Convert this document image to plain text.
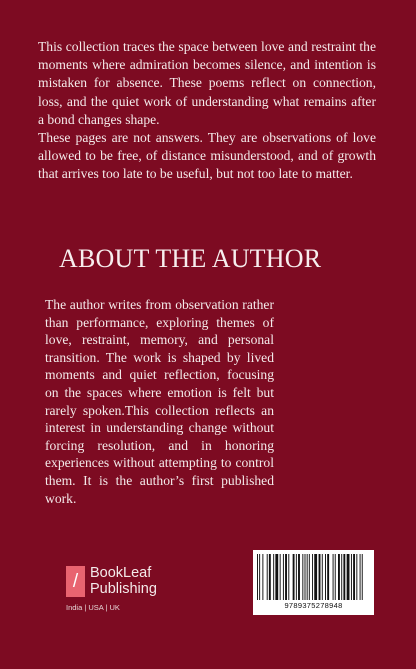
This collection traces the space between love and restraint the moments where admiration becomes silence, and intention is mistaken for absence. These poems reflect on connection, loss, and the quiet work of understanding what remains after a bond changes shape.

These pages are not answers. They are observations of love allowed to be free, of distance misunderstood, and of growth that arrives too late to be useful, but not too late to matter.

ABOUT THE AUTHOR

The author writes from observation rather than performance, exploring themes of love, restraint, memory, and personal transition. The work is shaped by lived moments and quiet reflection, focusing on the spaces where emotion is felt but rarely spoken.This collection reflects an interest in understanding change without forcing resolution, and in honoring experiences without attempting to control them. It is the author’s first published work.

/ BookLeaf
Publishing
India | USA | UK	9789375278948
